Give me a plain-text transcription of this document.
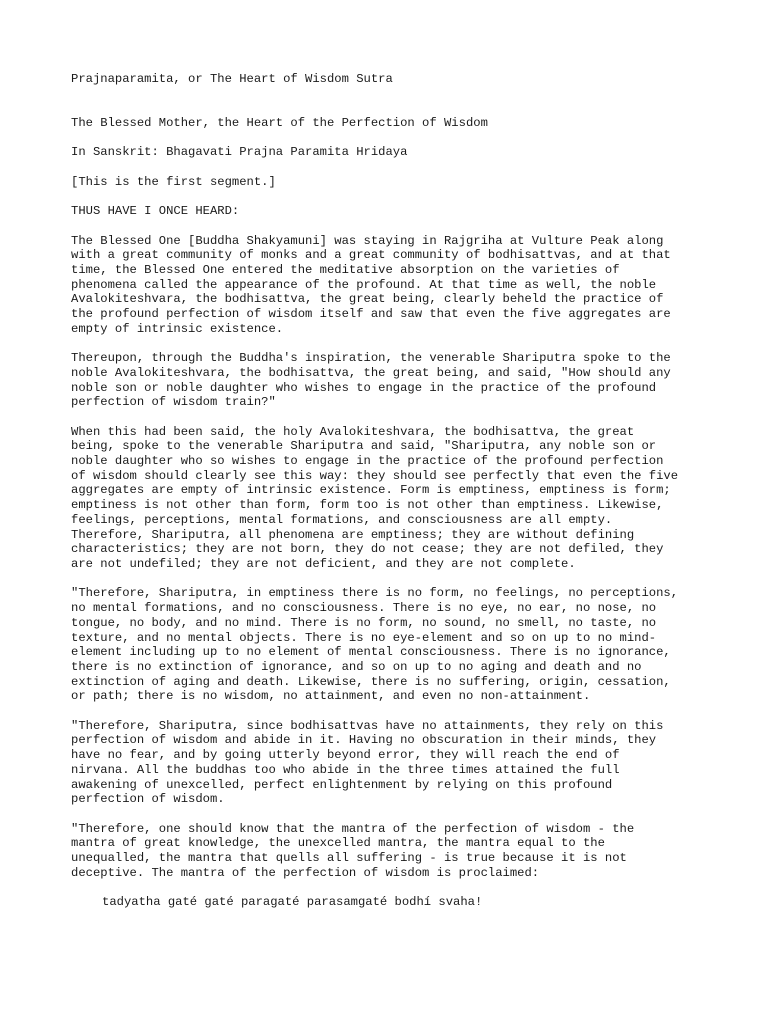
Prajnaparamita, or The Heart of Wisdom Sutra

The Blessed Mother, the Heart of the Perfection of Wisdom

In Sanskrit: Bhagavati Prajna Paramita Hridaya

[This is the first segment.]

THUS HAVE I ONCE HEARD:

The Blessed One [Buddha Shakyamuni] was staying in Rajgriha at Vulture Peak along
with a great community of monks and a great community of bodhisattvas, and at that
time, the Blessed One entered the meditative absorption on the varieties of
phenomena called the appearance of the profound. At that time as well, the noble
Avalokiteshvara, the bodhisattva, the great being, clearly beheld the practice of
the profound perfection of wisdom itself and saw that even the five aggregates are
empty of intrinsic existence.

Thereupon, through the Buddha's inspiration, the venerable Shariputra spoke to the
noble Avalokiteshvara, the bodhisattva, the great being, and said, "How should any
noble son or noble daughter who wishes to engage in the practice of the profound
perfection of wisdom train?"

When this had been said, the holy Avalokiteshvara, the bodhisattva, the great
being, spoke to the venerable Shariputra and said, "Shariputra, any noble son or
noble daughter who so wishes to engage in the practice of the profound perfection
of wisdom should clearly see this way: they should see perfectly that even the five
aggregates are empty of intrinsic existence. Form is emptiness, emptiness is form;
emptiness is not other than form, form too is not other than emptiness. Likewise,
feelings, perceptions, mental formations, and consciousness are all empty.
Therefore, Shariputra, all phenomena are emptiness; they are without defining
characteristics; they are not born, they do not cease; they are not defiled, they
are not undefiled; they are not deficient, and they are not complete.

"Therefore, Shariputra, in emptiness there is no form, no feelings, no perceptions,
no mental formations, and no consciousness. There is no eye, no ear, no nose, no
tongue, no body, and no mind. There is no form, no sound, no smell, no taste, no
texture, and no mental objects. There is no eye-element and so on up to no mind-
element including up to no element of mental consciousness. There is no ignorance,
there is no extinction of ignorance, and so on up to no aging and death and no
extinction of aging and death. Likewise, there is no suffering, origin, cessation,
or path; there is no wisdom, no attainment, and even no non-attainment.

"Therefore, Shariputra, since bodhisattvas have no attainments, they rely on this
perfection of wisdom and abide in it. Having no obscuration in their minds, they
have no fear, and by going utterly beyond error, they will reach the end of
nirvana. All the buddhas too who abide in the three times attained the full
awakening of unexcelled, perfect enlightenment by relying on this profound
perfection of wisdom.

"Therefore, one should know that the mantra of the perfection of wisdom - the
mantra of great knowledge, the unexcelled mantra, the mantra equal to the
unequalled, the mantra that quells all suffering - is true because it is not
deceptive. The mantra of the perfection of wisdom is proclaimed:

tadyatha gaté gaté paragaté parasamgaté bodhí svaha!
